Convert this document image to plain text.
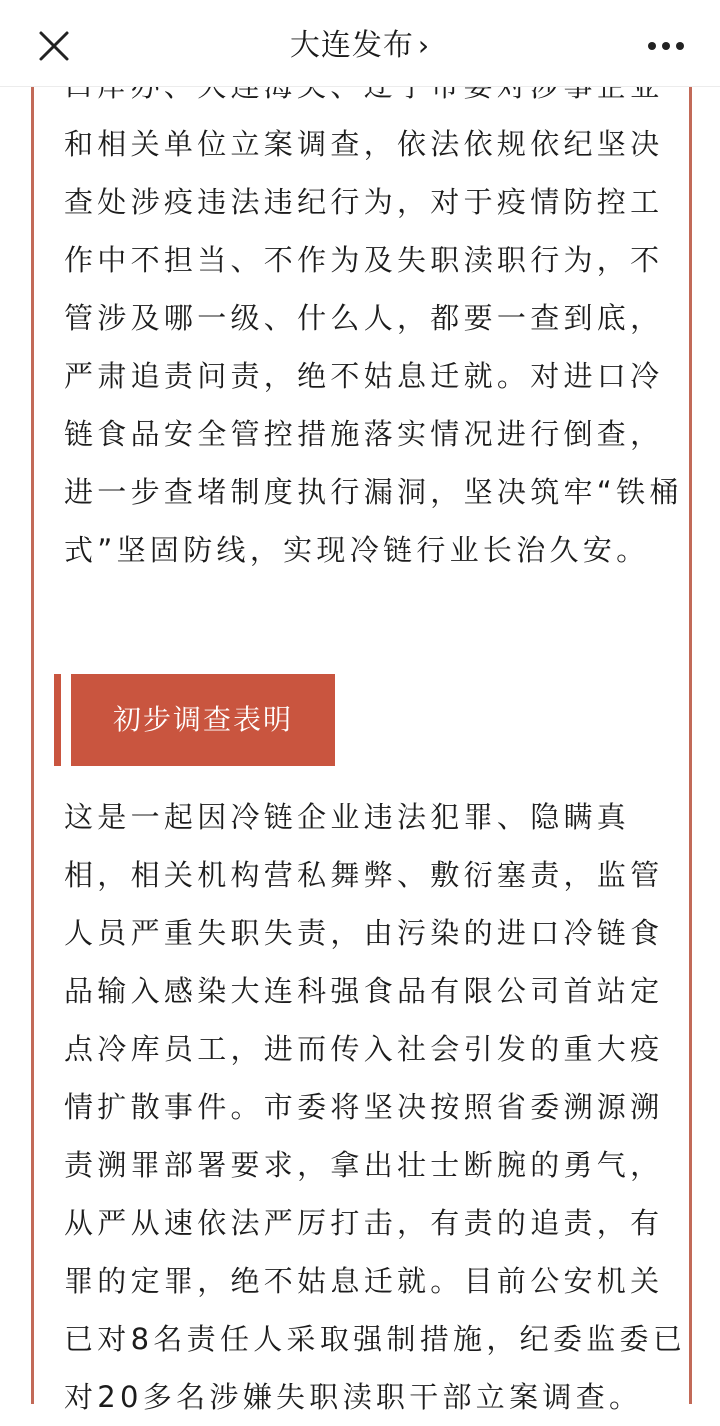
大连发布 ›
和相关单位立案调查，依法依规依纪坚决
查处涉疫违法违纪行为，对于疫情防控工
作中不担当、不作为及失职渎职行为，不
管涉及哪一级、什么人，都要一查到底，
严肃追责问责，绝不姑息迁就。对进口冷
链食品安全管控措施落实情况进行倒查，
进一步查堵制度执行漏洞，坚决筑牢“铁桶
式”坚固防线，实现冷链行业长治久安。
初步调查表明
这是一起因冷链企业违法犯罪、隐瞒真
相，相关机构营私舞弊、敷衍塞责，监管
人员严重失职失责，由污染的进口冷链食
品输入感染大连科强食品有限公司首站定
点冷库员工，进而传入社会引发的重大疫
情扩散事件。市委将坚决按照省委溯源溯
责溯罪部署要求，拿出壮士断腕的勇气，
从严从速依法严厉打击，有责的追责，有
罪的定罪，绝不姑息迁就。目前公安机关
已对8名责任人采取强制措施，纪委监委已
对20多名涉嫌失职渎职干部立案调查。
